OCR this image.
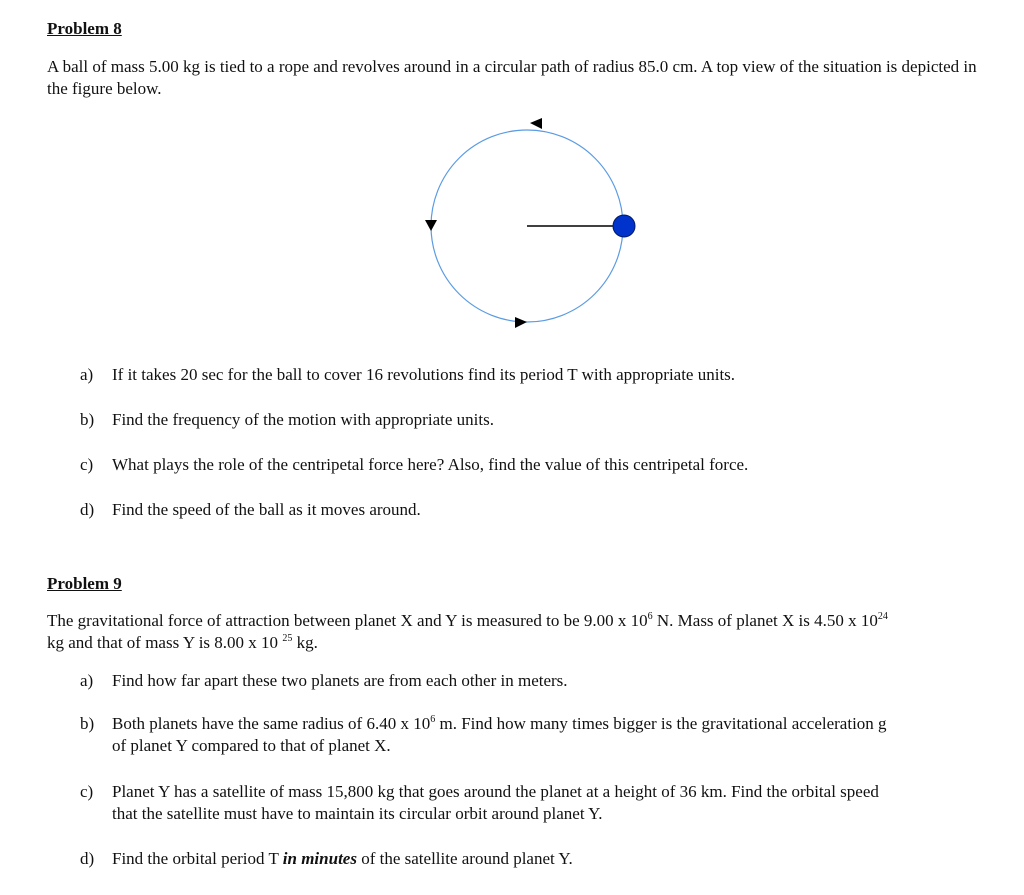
Problem 8
A ball of mass 5.00 kg is tied to a rope and revolves around in a circular path of radius 85.0 cm. A top view of the situation is depicted in the figure below.
a)	If it takes 20 sec for the ball to cover 16 revolutions find its period T with appropriate units.
b)	Find the frequency of the motion with appropriate units.
c)	What plays the role of the centripetal force here? Also, find the value of this centripetal force.
d)	Find the speed of the ball as it moves around.
Problem 9
The gravitational force of attraction between planet X and Y is measured to be 9.00 x $10^6$ N. Mass of planet X is 4.50 x $10^{24}$
kg and that of mass Y is 8.00 x 10 $^{25}$ kg.
a)	Find how far apart these two planets are from each other in meters.
b)	Both planets have the same radius of 6.40 x $10^6$ m. Find how many times bigger is the gravitational acceleration g
of planet Y compared to that of planet X.
c)	Planet Y has a satellite of mass 15,800 kg that goes around the planet at a height of 36 km. Find the orbital speed
that the satellite must have to maintain its circular orbit around planet Y.
d)	Find the orbital period T in minutes of the satellite around planet Y.
